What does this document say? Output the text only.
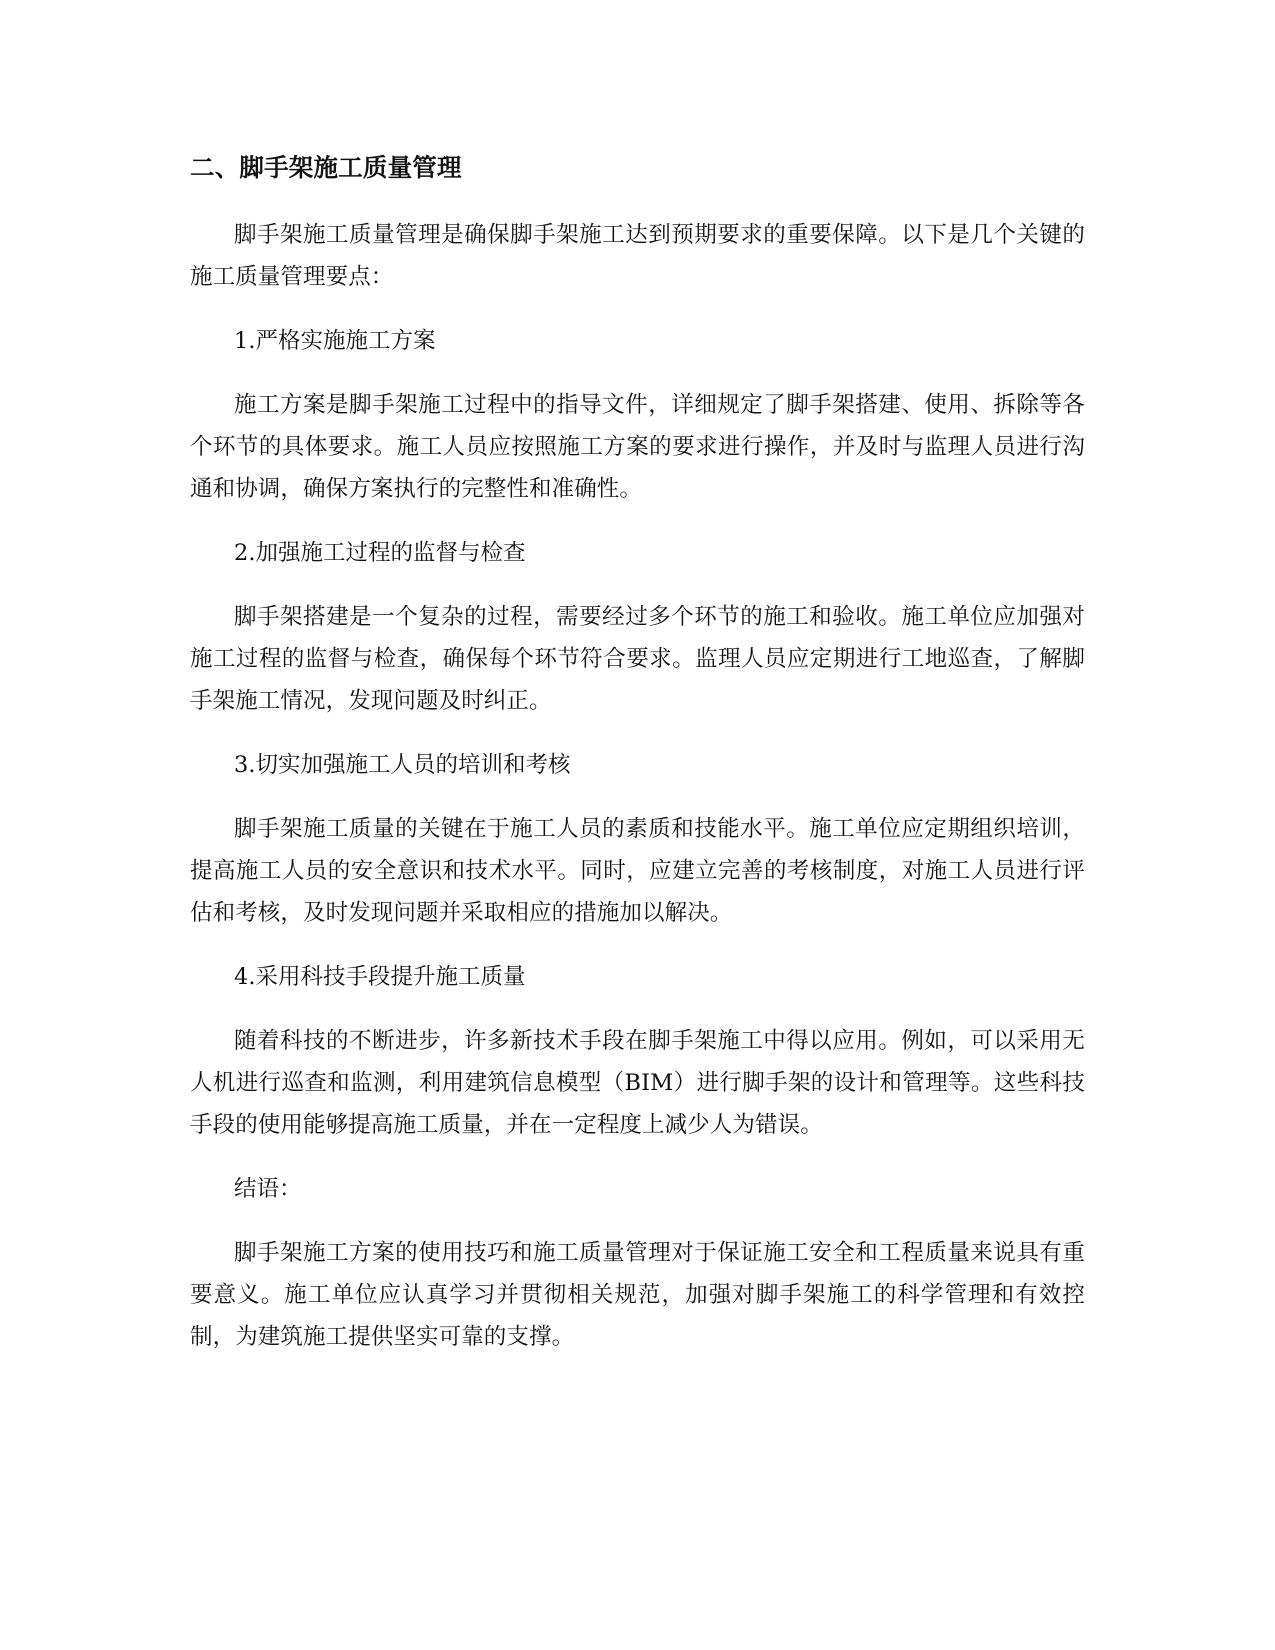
二、脚手架施工质量管理

脚手架施工质量管理是确保脚手架施工达到预期要求的重要保障。以下是几个关键的施工质量管理要点：

1.严格实施施工方案

施工方案是脚手架施工过程中的指导文件，详细规定了脚手架搭建、使用、拆除等各个环节的具体要求。施工人员应按照施工方案的要求进行操作，并及时与监理人员进行沟通和协调，确保方案执行的完整性和准确性。

2.加强施工过程的监督与检查

脚手架搭建是一个复杂的过程，需要经过多个环节的施工和验收。施工单位应加强对施工过程的监督与检查，确保每个环节符合要求。监理人员应定期进行工地巡查，了解脚手架施工情况，发现问题及时纠正。

3.切实加强施工人员的培训和考核

脚手架施工质量的关键在于施工人员的素质和技能水平。施工单位应定期组织培训，提高施工人员的安全意识和技术水平。同时，应建立完善的考核制度，对施工人员进行评估和考核，及时发现问题并采取相应的措施加以解决。

4.采用科技手段提升施工质量

随着科技的不断进步，许多新技术手段在脚手架施工中得以应用。例如，可以采用无人机进行巡查和监测，利用建筑信息模型（BIM）进行脚手架的设计和管理等。这些科技手段的使用能够提高施工质量，并在一定程度上减少人为错误。

结语：

脚手架施工方案的使用技巧和施工质量管理对于保证施工安全和工程质量来说具有重要意义。施工单位应认真学习并贯彻相关规范，加强对脚手架施工的科学管理和有效控制，为建筑施工提供坚实可靠的支撑。
